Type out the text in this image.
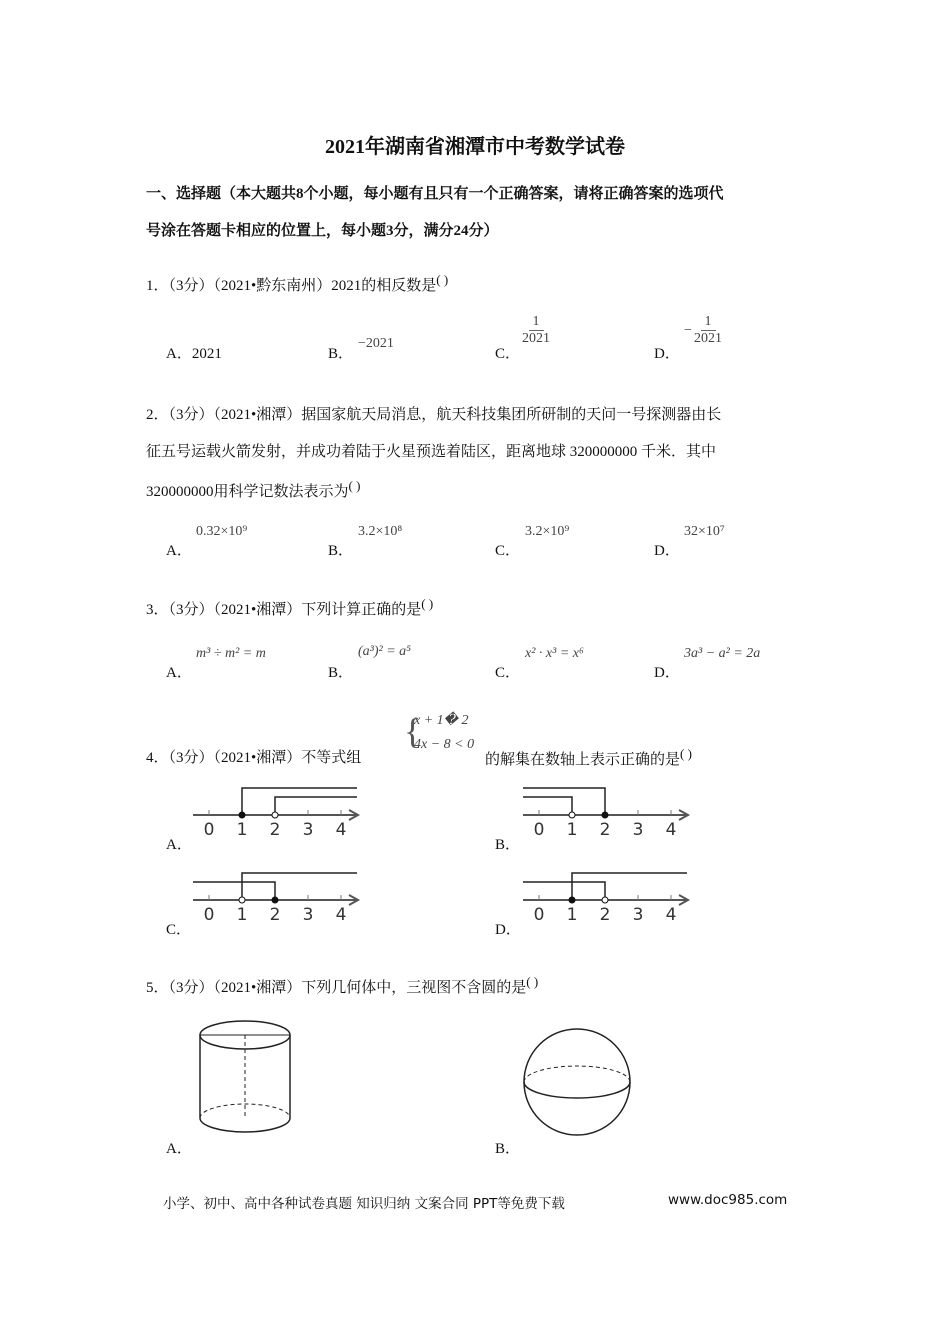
2021年湖南省湘潭市中考数学试卷
一、选择题（本大题共8个小题，每小题有且只有一个正确答案，请将正确答案的选项代
号涂在答题卡相应的位置上，每小题3分，满分24分）
1．（3分）（2021•黔东南州）2021的相反数是( )
A．2021	B．
−2021
C．
$\frac{1}{2021}$
D．
− $\frac{1}{2021}$
2．（3分）（2021•湘潭）据国家航天局消息，航天科技集团所研制的天问一号探测器由长
征五号运载火箭发射，并成功着陆于火星预选着陆区，距离地球 320000000 千米．其中
320000000用科学记数法表示为( )
A．
0.32×10⁹
B．
3.2×10⁸
C．
3.2×10⁹
D．
32×10⁷
3．（3分）（2021•湘潭）下列计算正确的是( )
A．
m³ ÷ m² = m
B．
(a³)² = a⁵
C．
x² · x³ = x⁶
D．
3a³ − a² = 2a
4．（3分）（2021•湘潭）不等式组
{
x + 1� 2
4x − 8 < 0
的解集在数轴上表示正确的是( )
A．	B．
C．	D．
0 1 2 3 4	0 1 2 3 4
0 1 2 3 4	0 1 2 3 4
5．（3分）（2021•湘潭）下列几何体中，三视图不含圆的是( )
A．	B．
小学、初中、高中各种试卷真题 知识归纳 文案合同 PPT等免费下载	www.doc985.com
